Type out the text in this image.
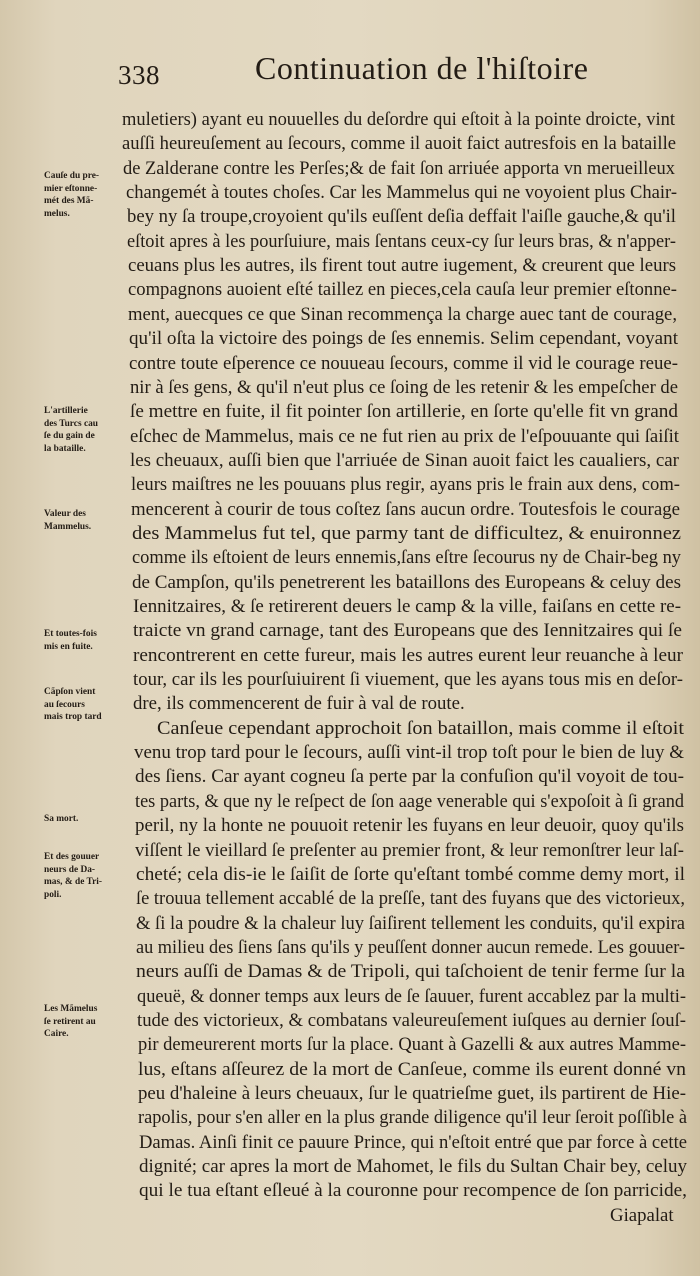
338	Continuation de l'hiſtoire
muletiers) ayant eu nouuelles du deſordre qui eſtoit à la pointe droicte, vint
auſſi heureuſement au ſecours, comme il auoit faict autresfois en la bataille
de Zalderane contre les Perſes;& de fait ſon arriuée apporta vn merueilleux
changemét à toutes choſes. Car les Mammelus qui ne voyoient plus Chair-
bey ny ſa troupe,croyoient qu'ils euſſent deſia deffait l'aiſle gauche,& qu'il
eſtoit apres à les pourſuiure, mais ſentans ceux-cy ſur leurs bras, & n'apper-
ceuans plus les autres, ils firent tout autre iugement, & creurent que leurs
compagnons auoient eſté taillez en pieces,cela cauſa leur premier eſtonne-
ment, auecques ce que Sinan recommença la charge auec tant de courage,
qu'il oſta la victoire des poings de ſes ennemis. Selim cependant, voyant
contre toute eſperence ce nouueau ſecours, comme il vid le courage reue-
nir à ſes gens, & qu'il n'eut plus ce ſoing de les retenir & les empeſcher de
ſe mettre en fuite, il fit pointer ſon artillerie, en ſorte qu'elle fit vn grand
eſchec de Mammelus, mais ce ne fut rien au prix de l'eſpouuante qui ſaiſit
les cheuaux, auſſi bien que l'arriuée de Sinan auoit faict les caualiers, car
leurs maiſtres ne les pouuans plus regir, ayans pris le frain aux dens, com-
mencerent à courir de tous coſtez ſans aucun ordre. Toutesfois le courage
des Mammelus fut tel, que parmy tant de difficultez, & enuironnez
comme ils eſtoient de leurs ennemis,ſans eſtre ſecourus ny de Chair-beg ny
de Campſon, qu'ils penetrerent les bataillons des Europeans & celuy des
Iennitzaires, & ſe retirerent deuers le camp & la ville, faiſans en cette re-
traicte vn grand carnage, tant des Europeans que des Iennitzaires qui ſe
rencontrerent en cette fureur, mais les autres eurent leur reuanche à leur
tour, car ils les pourſuiuirent ſi viuement, que les ayans tous mis en deſor-
dre, ils commencerent de fuir à val de route.
Canſeue cependant approchoit ſon bataillon, mais comme il eſtoit
venu trop tard pour le ſecours, auſſi vint-il trop toſt pour le bien de luy &
des ſiens. Car ayant cogneu ſa perte par la confuſion qu'il voyoit de tou-
tes parts, & que ny le reſpect de ſon aage venerable qui s'expoſoit à ſi grand
peril, ny la honte ne pouuoit retenir les fuyans en leur deuoir, quoy qu'ils
viſſent le vieillard ſe preſenter au premier front, & leur remonſtrer leur laſ-
cheté; cela dis-ie le ſaiſit de ſorte qu'eſtant tombé comme demy mort, il
ſe trouua tellement accablé de la preſſe, tant des fuyans que des victorieux,
& ſi la poudre & la chaleur luy ſaiſirent tellement les conduits, qu'il expira
au milieu des ſiens ſans qu'ils y peuſſent donner aucun remede. Les gouuer-
neurs auſſi de Damas & de Tripoli, qui taſchoient de tenir ferme ſur la
queuë, & donner temps aux leurs de ſe ſauuer, furent accablez par la multi-
tude des victorieux, & combatans valeureuſement iuſques au dernier ſouſ-
pir demeurerent morts ſur la place. Quant à Gazelli & aux autres Mamme-
lus, eſtans aſſeurez de la mort de Canſeue, comme ils eurent donné vn
peu d'haleine à leurs cheuaux, ſur le quatrieſme guet, ils partirent de Hie-
rapolis, pour s'en aller en la plus grande diligence qu'il leur ſeroit poſſible à
Damas. Ainſi finit ce pauure Prince, qui n'eſtoit entré que par force à cette
dignité; car apres la mort de Mahomet, le fils du Sultan Chair bey, celuy
qui le tua eſtant eſleué à la couronne pour recompence de ſon parricide,
Giapalat
Cauſe du pre-
mier eſtonne-
mét des Mã-
melus.
L'artillerie
des Turcs cau
ſe du gain de
la bataille.
Valeur des
Mammelus.
Et toutes-fois
mis en fuite.
Cãpſon vient
au ſecours
mais trop tard
Sa mort.
Et des gouuer
neurs de Da-
mas, & de Tri-
poli.
Les Mãmelus
ſe retirent au
Caire.
